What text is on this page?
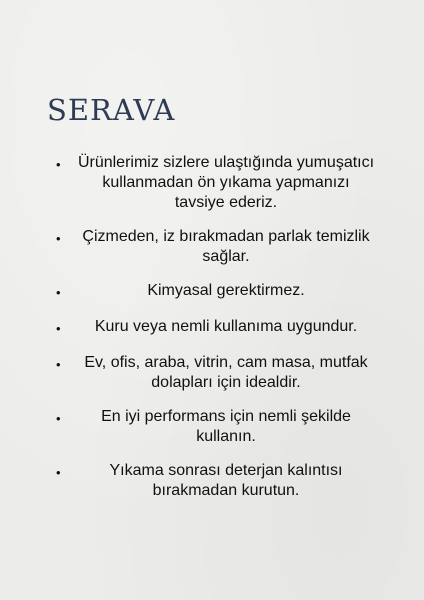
SERAVA
•	Ürünlerimiz sizlere ulaştığında yumuşatıcı kullanmadan ön yıkama yapmanızı tavsiye ederiz.
•	Çizmeden, iz bırakmadan parlak temizlik sağlar.
•	Kimyasal gerektirmez.
•	Kuru veya nemli kullanıma uygundur.
•	Ev, ofis, araba, vitrin, cam masa, mutfak dolapları için idealdir.
•	En iyi performans için nemli şekilde kullanın.
•	Yıkama sonrası deterjan kalıntısı bırakmadan kurutun.
